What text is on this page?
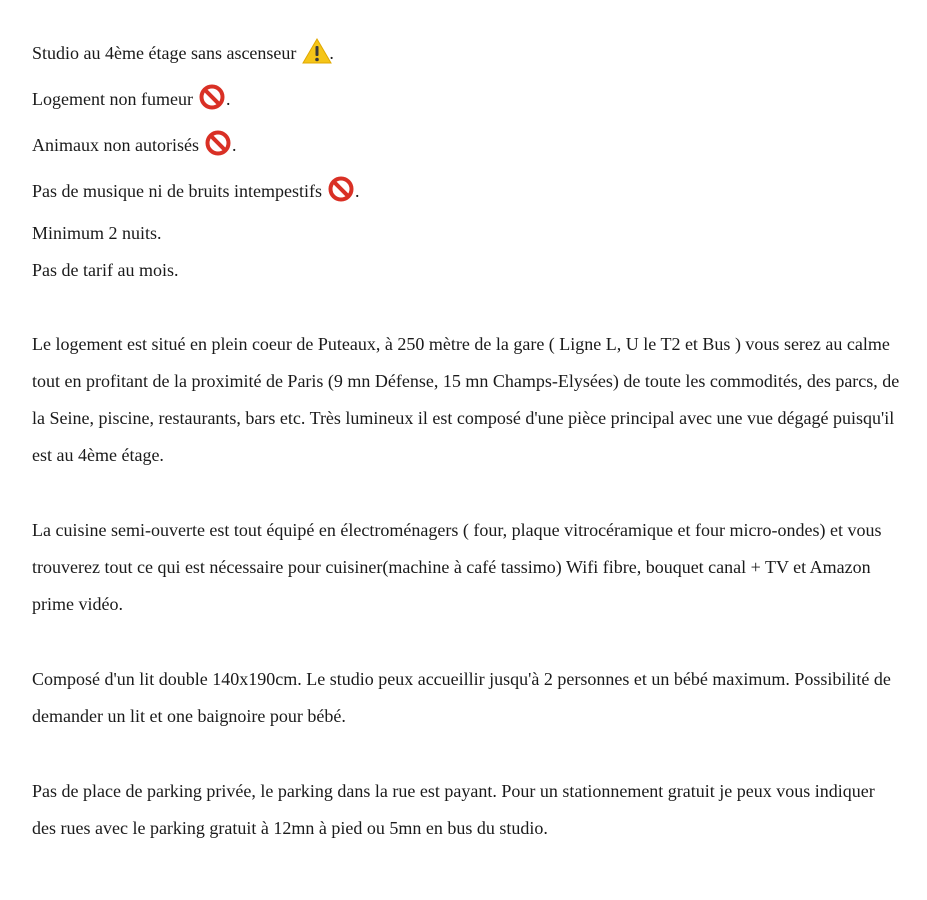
Studio au 4ème étage sans ascenseur .

Logement non fumeur .

Animaux non autorisés .

Pas de musique ni de bruits intempestifs .

Minimum 2 nuits.

Pas de tarif au mois.

Le logement est situé en plein coeur de Puteaux, à 250 mètre de la gare ( Ligne L, U le T2 et Bus ) vous serez au calme tout en profitant de la proximité de Paris (9 mn Défense, 15 mn Champs-Elysées) de toute les commodités, des parcs, de la Seine, piscine, restaurants, bars etc. Très lumineux il est composé d'une pièce principal avec une vue dégagé puisqu'il est au 4ème étage.

La cuisine semi-ouverte est tout équipé en électroménagers ( four, plaque vitrocéramique et four micro-ondes) et vous trouverez tout ce qui est nécessaire pour cuisiner(machine à café tassimo) Wifi fibre, bouquet canal + TV et Amazon prime vidéo.

Composé d'un lit double 140x190cm. Le studio peux accueillir jusqu'à 2 personnes et un bébé maximum. Possibilité de demander un lit et one baignoire pour bébé.

Pas de place de parking privée, le parking dans la rue est payant. Pour un stationnement gratuit je peux vous indiquer des rues avec le parking gratuit à 12mn à pied ou 5mn en bus du studio.
